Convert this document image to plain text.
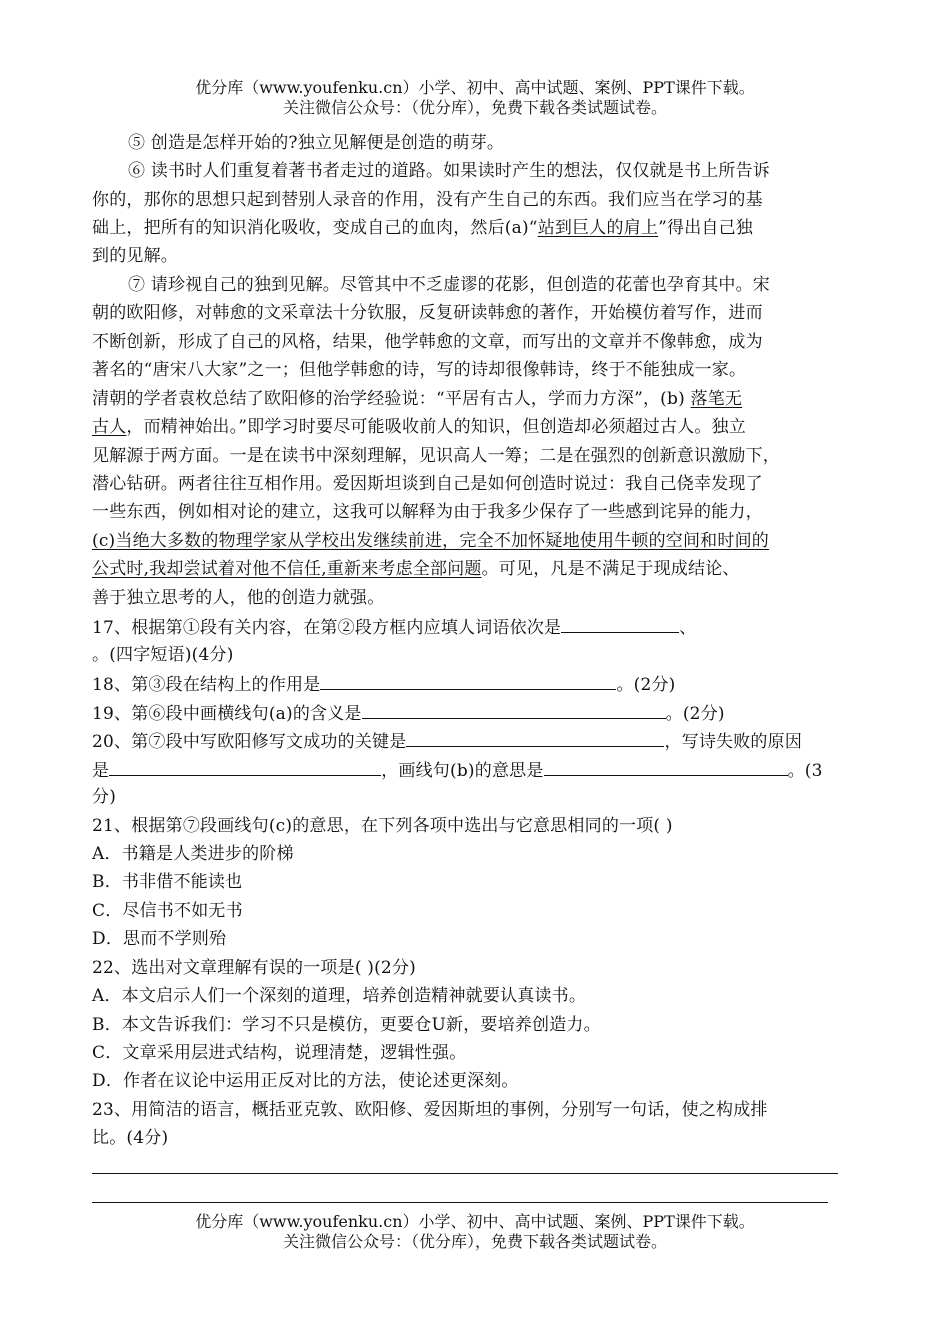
优分库（www.youfenku.cn）小学、初中、高中试题、案例、PPT课件下载。
关注微信公众号：（优分库），免费下载各类试题试卷。
⑤ 创造是怎样开始的?独立见解便是创造的萌芽。
⑥ 读书时人们重复着著书者走过的道路。如果读时产生的想法，仅仅就是书上所告诉
你的，那你的思想只起到替别人录音的作用，没有产生自己的东西。我们应当在学习的基
础上，把所有的知识消化吸收，变成自己的血肉，然后(a)“站到巨人的肩上”得出自己独
到的见解。
⑦ 请珍视自己的独到见解。尽管其中不乏虚谬的花影，但创造的花蕾也孕育其中。宋
朝的欧阳修，对韩愈的文采章法十分钦服，反复研读韩愈的著作，开始模仿着写作，进而
不断创新，形成了自己的风格，结果，他学韩愈的文章，而写出的文章并不像韩愈，成为
著名的“唐宋八大家”之一；但他学韩愈的诗，写的诗却很像韩诗，终于不能独成一家。
清朝的学者袁枚总结了欧阳修的治学经验说：“平居有古人，学而力方深”，(b) 落笔无
古人，而精神始出。”即学习时要尽可能吸收前人的知识，但创造却必须超过古人。独立
见解源于两方面。一是在读书中深刻理解，见识高人一筹；二是在强烈的创新意识激励下，
潜心钻研。两者往往互相作用。爱因斯坦谈到自己是如何创造时说过：我自己侥幸发现了
一些东西，例如相对论的建立，这我可以解释为由于我多少保存了一些感到诧异的能力，
(c)当绝大多数的物理学家从学校出发继续前进，完全不加怀疑地使用牛顿的空间和时间的
公式时,我却尝试着对他不信任,重新来考虑全部问题。可见，凡是不满足于现成结论、
善于独立思考的人，他的创造力就强。
17、根据第①段有关内容，在第②段方框内应填人词语依次是	、
。(四字短语)(4分)
18、第③段在结构上的作用是	。(2分)
19、第⑥段中画横线句(a)的含义是	。(2分)
20、第⑦段中写欧阳修写文成功的关键是	，写诗失败的原因
是	，画线句(b)的意思是	。(3
分)
21、根据第⑦段画线句(c)的意思，在下列各项中选出与它意思相同的一项( )
A．书籍是人类进步的阶梯
B．书非借不能读也
C．尽信书不如无书
D．思而不学则殆
22、选出对文章理解有误的一项是( )(2分)
A．本文启示人们一个深刻的道理，培养创造精神就要认真读书。
B．本文告诉我们：学习不只是模仿，更要仓U新，要培养创造力。
C．文章采用层进式结构，说理清楚，逻辑性强。
D．作者在议论中运用正反对比的方法，使论述更深刻。
23、用简洁的语言，概括亚克敦、欧阳修、爱因斯坦的事例，分别写一句话，使之构成排
比。(4分)
优分库（www.youfenku.cn）小学、初中、高中试题、案例、PPT课件下载。
关注微信公众号：（优分库），免费下载各类试题试卷。
